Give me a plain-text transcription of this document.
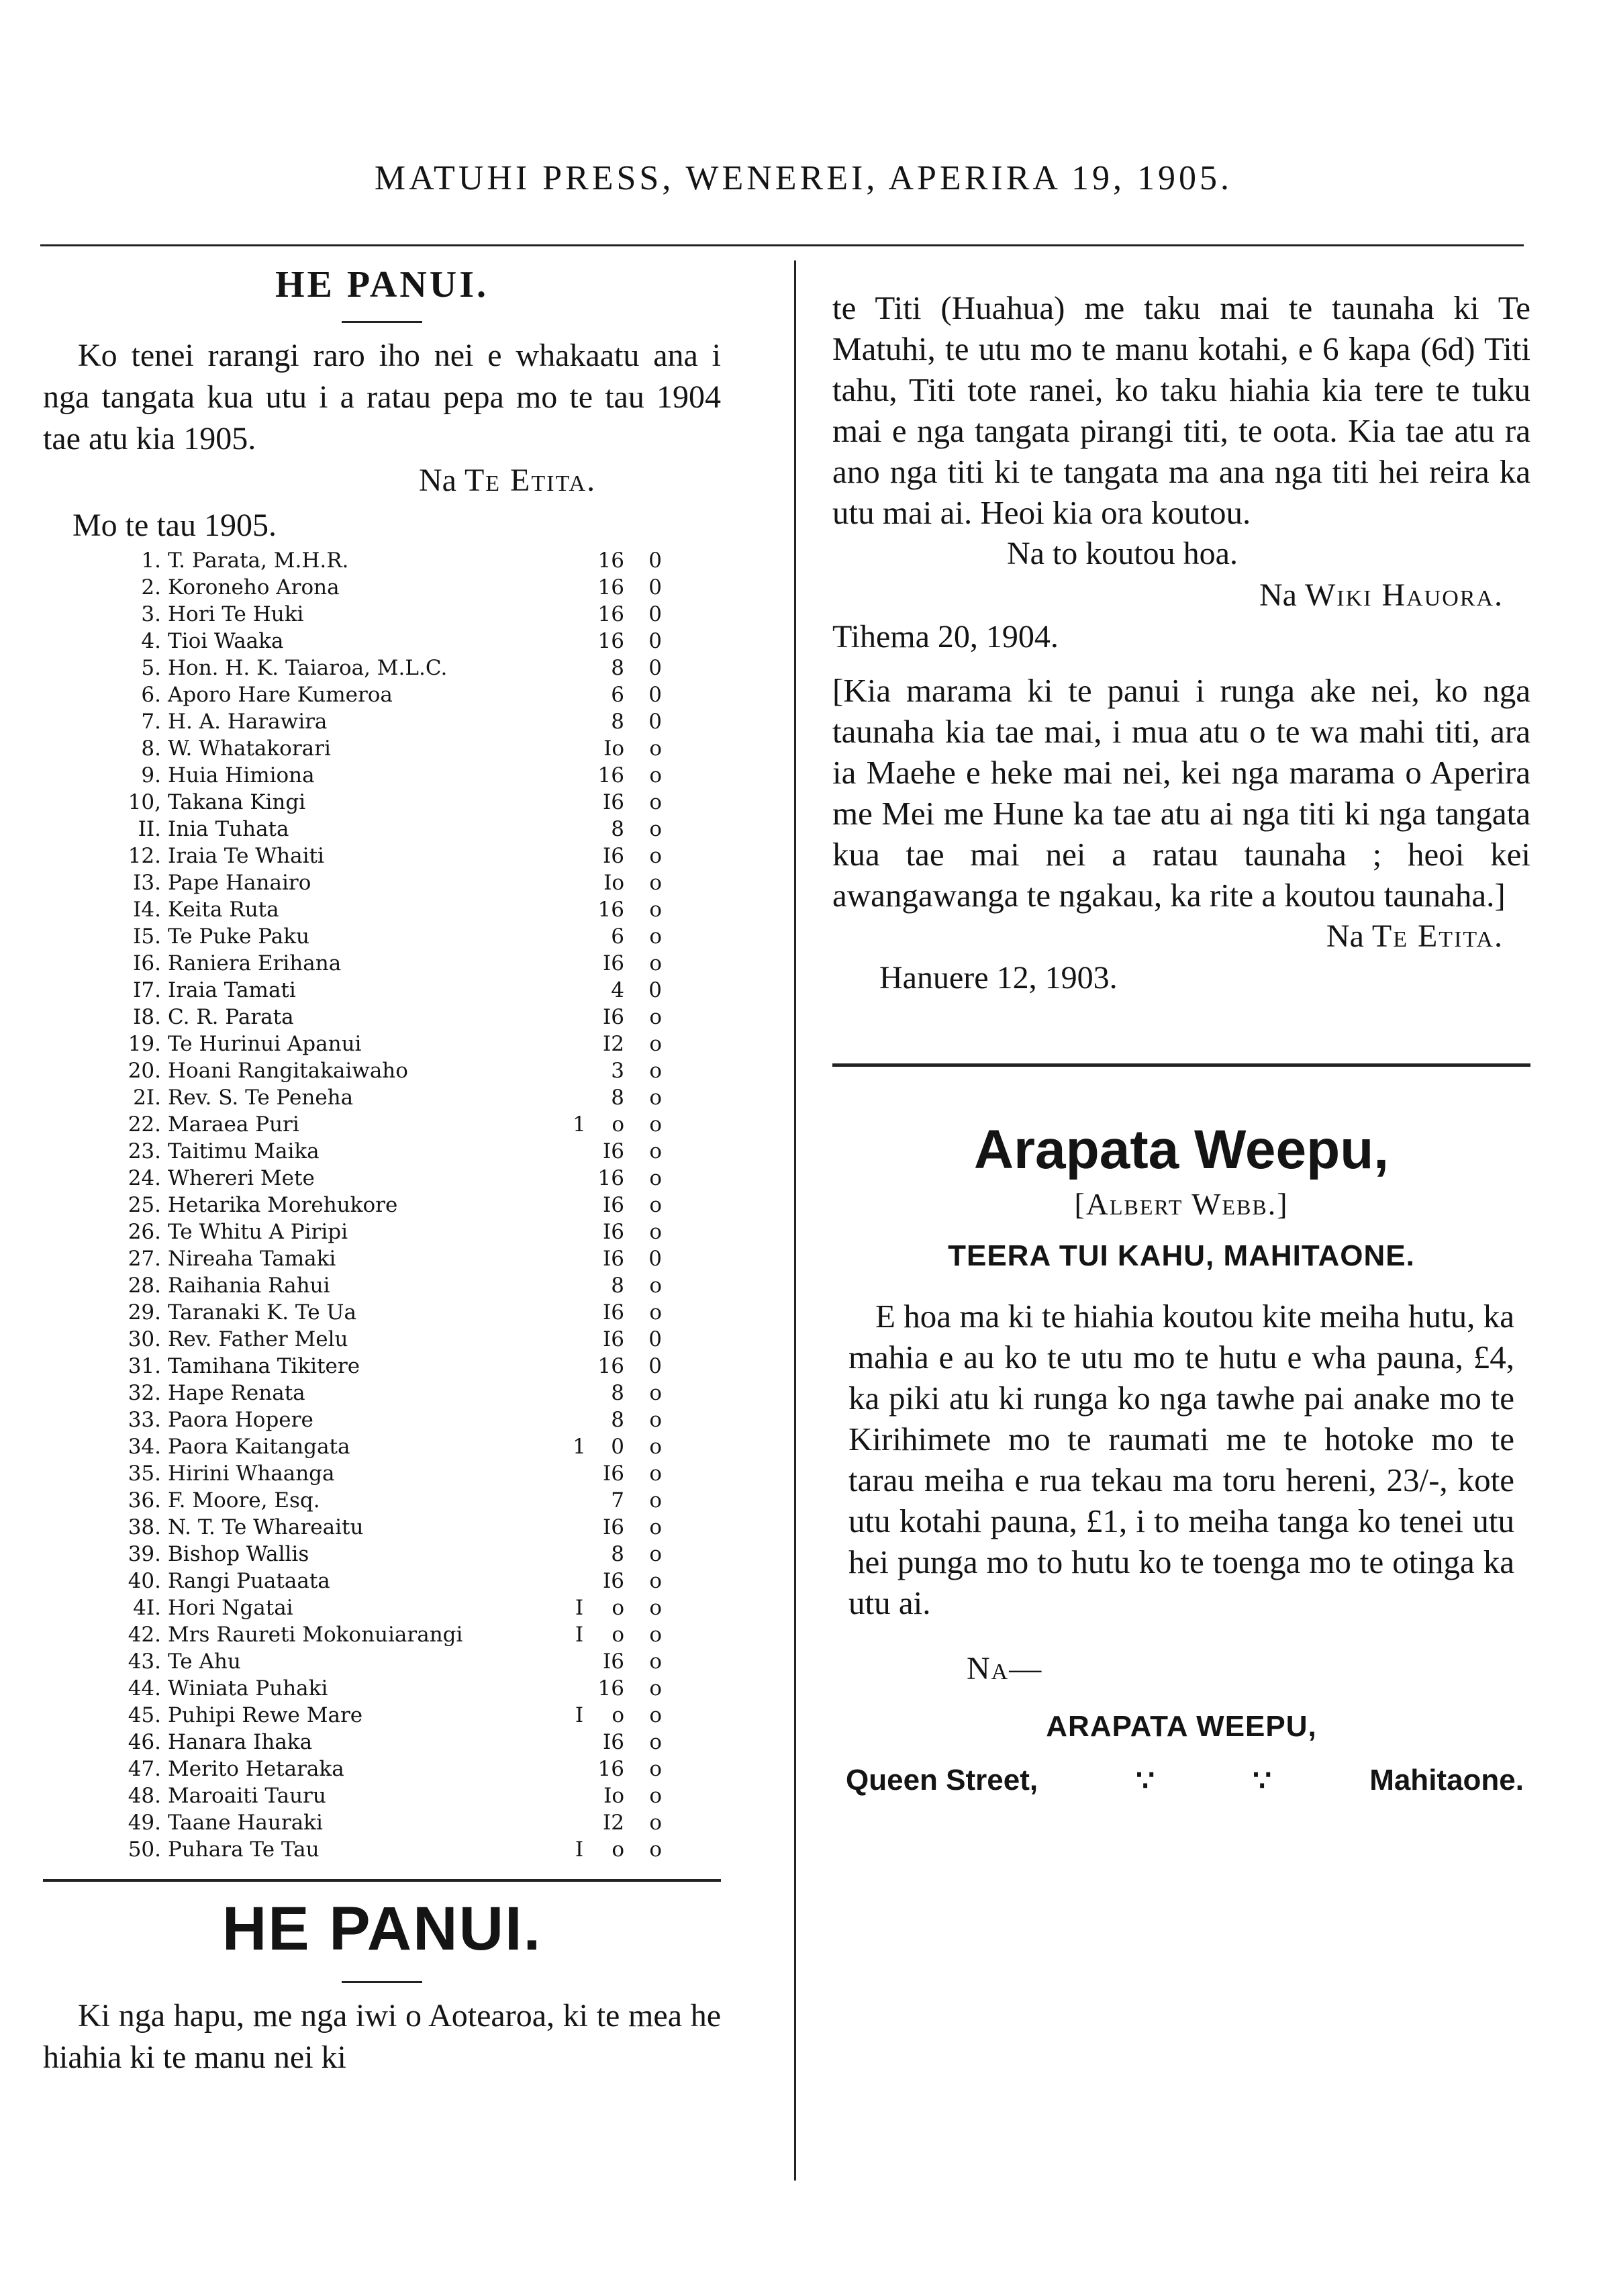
MATUHI PRESS, WENEREI, APERIRA 19, 1905.
HE PANUI.

Ko tenei rarangi raro iho nei e whakaatu ana i nga tangata kua utu i a ratau pepa mo te tau 1904 tae atu kia 1905.

Na Te Etita.
Mo te tau 1905.
1.	T. Parata, M.H.R.		16	0
2.	Koroneho Arona		16	0
3.	Hori Te Huki		16	0
4.	Tioi Waaka		16	0
5.	Hon. H. K. Taiaroa, M.L.C.		8	0
6.	Aporo Hare Kumeroa		6	0
7.	H. A. Harawira		8	0
8.	W. Whatakorari		Io	o
9.	Huia Himiona		16	o
10,	Takana Kingi		I6	o
II.	Inia Tuhata		8	o
12.	Iraia Te Whaiti		I6	o
I3.	Pape Hanairo		Io	o
I4.	Keita Ruta		16	o
I5.	Te Puke Paku		6	o
I6.	Raniera Erihana		I6	o
I7.	Iraia Tamati		4	0
I8.	C. R. Parata		I6	o
19.	Te Hurinui Apanui		I2	o
20.	Hoani Rangitakaiwaho		3	o
2I.	Rev. S. Te Peneha		8	o
22.	Maraea Puri	1	o	o
23.	Taitimu Maika		I6	o
24.	Whereri Mete		16	o
25.	Hetarika Morehukore		I6	o
26.	Te Whitu A Piripi		I6	o
27.	Nireaha Tamaki		I6	0
28.	Raihania Rahui		8	o
29.	Taranaki K. Te Ua		I6	o
30.	Rev. Father Melu		I6	0
31.	Tamihana Tikitere		16	0
32.	Hape Renata		8	o
33.	Paora Hopere		8	o
34.	Paora Kaitangata	1	0	o
35.	Hirini Whaanga		I6	o
36.	F. Moore, Esq.		7	o
38.	N. T. Te Whareaitu		I6	o
39.	Bishop Wallis		8	o
40.	Rangi Puataata		I6	o
4I.	Hori Ngatai	I	o	o
42.	Mrs Raureti Mokonuiarangi	I	o	o
43.	Te Ahu		I6	o
44.	Winiata Puhaki		16	o
45.	Puhipi Rewe Mare	I	o	o
46.	Hanara Ihaka		I6	o
47.	Merito Hetaraka		16	o
48.	Maroaiti Tauru		Io	o
49.	Taane Hauraki		I2	o
50.	Puhara Te Tau	I	o	o
HE PANUI.

Ki nga hapu, me nga iwi o Aotearoa, ki te mea he hiahia ki te manu nei ki

te Titi (Huahua) me taku mai te taunaha ki Te Matuhi, te utu mo te manu kotahi, e 6 kapa (6d) Titi tahu, Titi tote ranei, ko taku hiahia kia tere te tuku mai e nga tangata pirangi titi, te oota. Kia tae atu ra ano nga titi ki te tangata ma ana nga titi hei reira ka utu mai ai. Heoi kia ora koutou.

Na to koutou hoa.
Na Wiki Hauora.
Tihema 20, 1904.

[Kia marama ki te panui i runga ake nei, ko nga taunaha kia tae mai, i mua atu o te wa mahi titi, ara ia Maehe e heke mai nei, kei nga marama o Aperira me Mei me Hune ka tae atu ai nga titi ki nga tangata kua tae mai nei a ratau taunaha ; heoi kei awangawanga te ngakau, ka rite a koutou taunaha.]

Na Te Etita.
Hanuere 12, 1903.
Arapata Weepu,
[Albert Webb.]
TEERA TUI KAHU, MAHITAONE.

E hoa ma ki te hiahia koutou kite meiha hutu, ka mahia e au ko te utu mo te hutu e wha pauna, £4, ka piki atu ki runga ko nga tawhe pai anake mo te Kirihimete mo te raumati me te hotoke mo te tarau meiha e rua tekau ma toru hereni, 23/-, kote utu kotahi pauna, £1, i to meiha tanga ko tenei utu hei punga mo to hutu ko te toenga mo te otinga ka utu ai.

Na—
ARAPATA WEEPU,
Queen Street,	∵	∵	Mahitaone.
